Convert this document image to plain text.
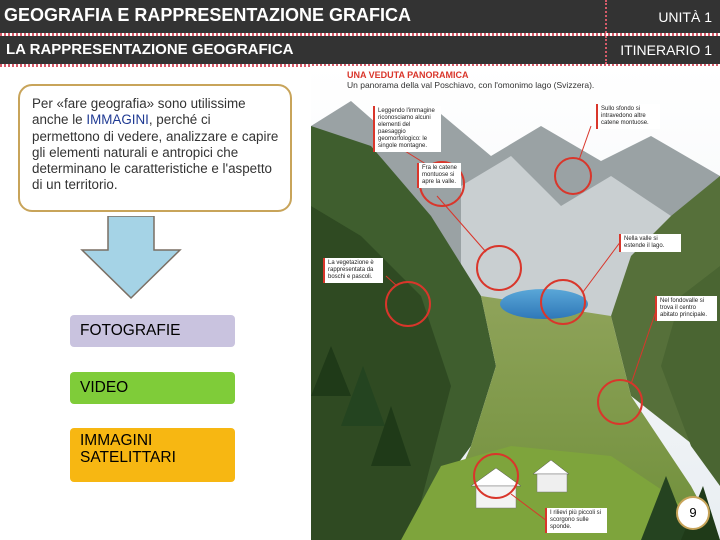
GEOGRAFIA E RAPPRESENTAZIONE GRAFICA	UNITÀ 1
LA RAPPRESENTAZIONE GEOGRAFICA	ITINERARIO 1
Per «fare geografia» sono utilissime anche le IMMAGINI, perché ci permettono di vedere, analizzare e capire gli elementi naturali e antropici che determinano le caratteristiche e l'aspetto di un territorio.
FOTOGRAFIE
VIDEO
IMMAGINI
SATELITTARI
UNA VEDUTA PANORAMICA
Un panorama della val Poschiavo, con l'omonimo lago (Svizzera).
Leggendo l'immagine riconosciamo alcuni elementi del paesaggio geomorfologico: le singole montagne.
Sullo sfondo si intravedono altre catene montuose.
Fra le catene montuose si apre la valle.
Nella valle si estende il lago.
La vegetazione è rappresentata da boschi e pascoli.
Nel fondovalle si trova il centro abitato principale.
I rilievi più piccoli si scorgono sulle sponde.
9
